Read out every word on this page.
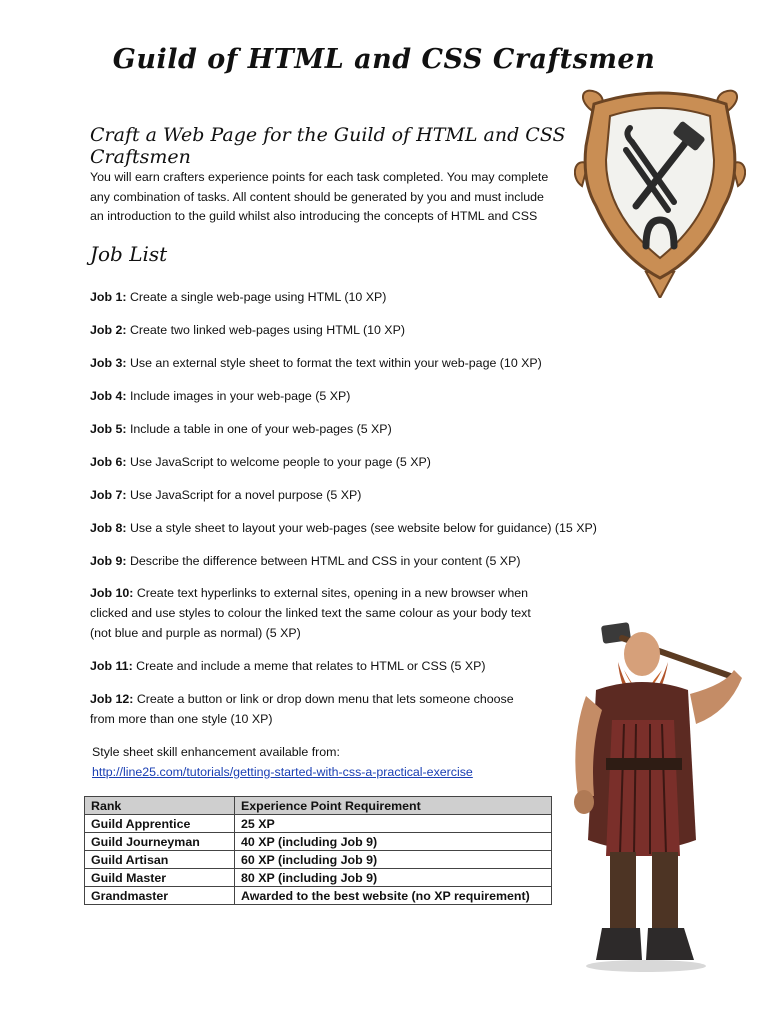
Guild of HTML and CSS Craftsmen
Craft a Web Page for the Guild of HTML and CSS Craftsmen
You will earn crafters experience points for each task completed. You may complete
any combination of tasks. All content should be generated by you and must include
an introduction to the guild whilst also introducing the concepts of HTML and CSS
Job List
Job 1: Create a single web-page using HTML (10 XP)
Job 2: Create two linked web-pages using HTML (10 XP)
Job 3: Use an external style sheet to format the text within your web-page (10 XP)
Job 4: Include images in your web-page (5 XP)
Job 5: Include a table in one of your web-pages (5 XP)
Job 6: Use JavaScript to welcome people to your page (5 XP)
Job 7: Use JavaScript for a novel purpose (5 XP)
Job 8: Use a style sheet to layout your web-pages (see website below for guidance) (15 XP)
Job 9: Describe the difference between HTML and CSS in your content (5 XP)
Job 10: Create text hyperlinks to external sites, opening in a new browser when
clicked and use styles to colour the linked text the same colour as your body text
(not blue and purple as normal) (5 XP)
Job 11: Create and include a meme that relates to HTML or CSS (5 XP)
Job 12: Create a button or link or drop down menu that lets someone choose
from more than one style (10 XP)
Style sheet skill enhancement available from:
http://line25.com/tutorials/getting-started-with-css-a-practical-exercise
Rank	Experience Point Requirement
Guild Apprentice	25 XP
Guild Journeyman	40 XP (including Job 9)
Guild Artisan	60 XP (including Job 9)
Guild Master	80 XP (including Job 9)
Grandmaster	Awarded to the best website (no XP requirement)
